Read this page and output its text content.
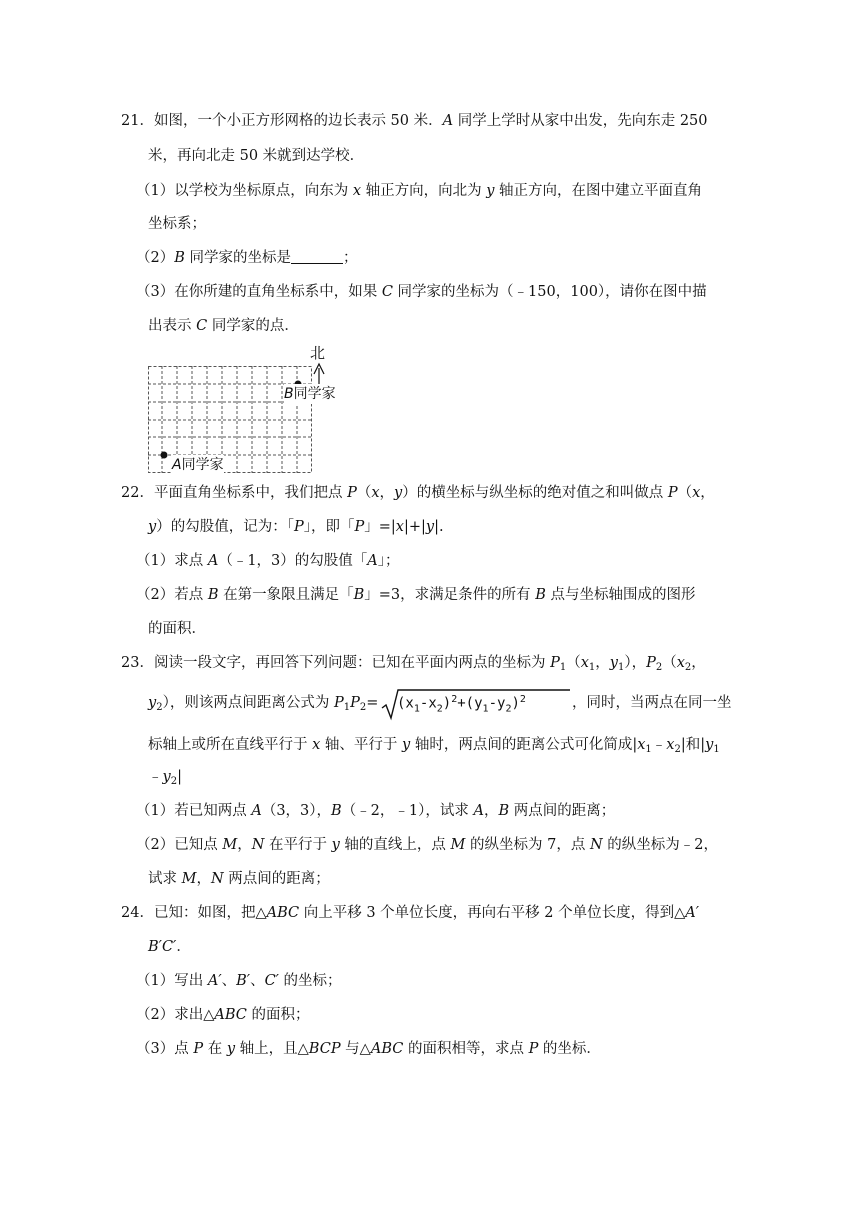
21．如图，一个小正方形网格的边长表示 50 米．A 同学上学时从家中出发，先向东走 250
米，再向北走 50 米就到达学校．
（1）以学校为坐标原点，向东为 x 轴正方向，向北为 y 轴正方向，在图中建立平面直角
坐标系；
（2）B 同学家的坐标是	；
（3）在你所建的直角坐标系中，如果 C 同学家的坐标为（﹣150，100），请你在图中描
出表示 C 同学家的点．
北
B同学家
A同学家
22．平面直角坐标系中，我们把点 P（x，y）的横坐标与纵坐标的绝对值之和叫做点 P（x，
y）的勾股值，记为：「P」，即「P」=|x|+|y|.
（1）求点 A（﹣1，3）的勾股值「A」；
（2）若点 B 在第一象限且满足「B」=3，求满足条件的所有 B 点与坐标轴围成的图形
的面积．
23．阅读一段文字，再回答下列问题：已知在平面内两点的坐标为 $P_1(x_1$，$y_1$），$P_2(x_2$，
$y_2$），则该两点间距离公式为 $P_1P_2= (x_1-x_2)^2+(y_1-y_2)^2$	，同时，当两点在同一坐
标轴上或所在直线平行于 x 轴、平行于 y 轴时，两点间的距离公式可化简成$|x_1﹣x_2|$和$|y_1$
$﹣y_2|$
（1）若已知两点 A（3，3），B（﹣2，﹣1），试求 A，B 两点间的距离；
（2）已知点 M，N 在平行于 y 轴的直线上，点 M 的纵坐标为 7，点 N 的纵坐标为﹣2，
试求 M，N 两点间的距离；
24．已知：如图，把△ABC 向上平移 3 个单位长度，再向右平移 2 个单位长度，得到△A′
B′C′．
（1）写出 A′、B′、C′ 的坐标；
（2）求出△ABC 的面积；
（3）点 P 在 y 轴上，且△BCP 与△ABC 的面积相等，求点 P 的坐标．
